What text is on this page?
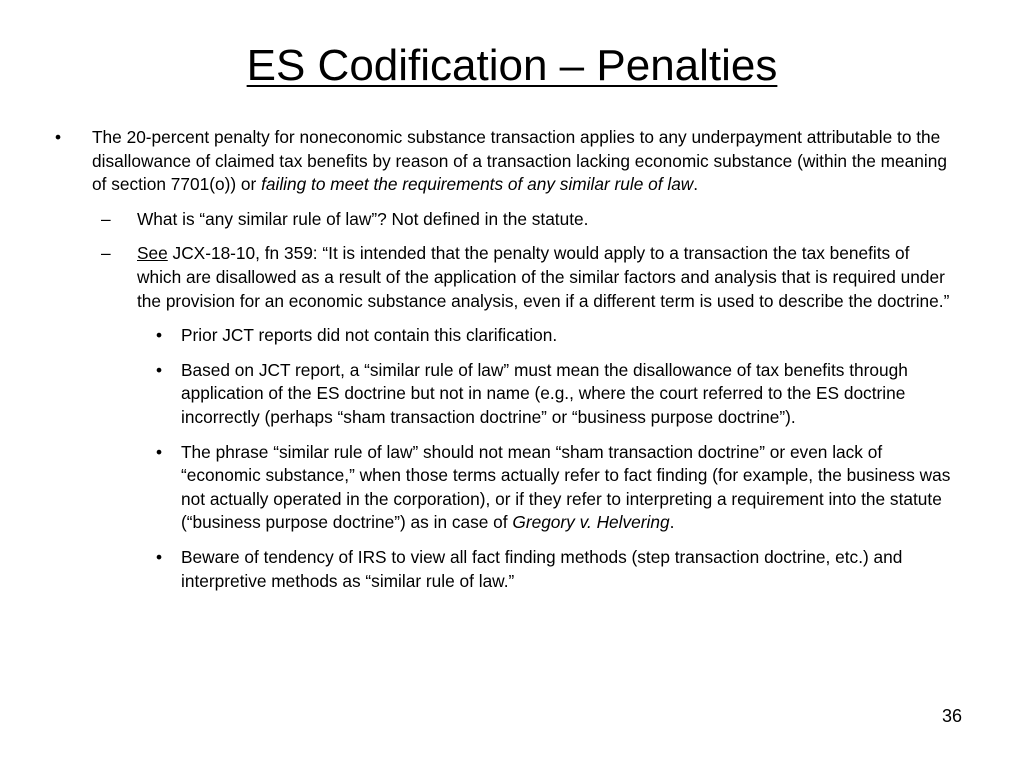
ES Codification – Penalties
• The 20-percent penalty for noneconomic substance transaction applies to any underpayment attributable to the disallowance of claimed tax benefits by reason of a transaction lacking economic substance (within the meaning of section 7701(o)) or failing to meet the requirements of any similar rule of law.
– What is “any similar rule of law”? Not defined in the statute.
– See JCX-18-10, fn 359: “It is intended that the penalty would apply to a transaction the tax benefits of which are disallowed as a result of the application of the similar factors and analysis that is required under the provision for an economic substance analysis, even if a different term is used to describe the doctrine.”
• Prior JCT reports did not contain this clarification.
• Based on JCT report, a “similar rule of law” must mean the disallowance of tax benefits through application of the ES doctrine but not in name (e.g., where the court referred to the ES doctrine incorrectly (perhaps “sham transaction doctrine” or “business purpose doctrine”).
• The phrase “similar rule of law” should not mean “sham transaction doctrine” or even lack of “economic substance,” when those terms actually refer to fact finding (for example, the business was not actually operated in the corporation), or if they refer to interpreting a requirement into the statute (“business purpose doctrine”) as in case of Gregory v. Helvering.
• Beware of tendency of IRS to view all fact finding methods (step transaction doctrine, etc.) and interpretive methods as “similar rule of law.”
36
